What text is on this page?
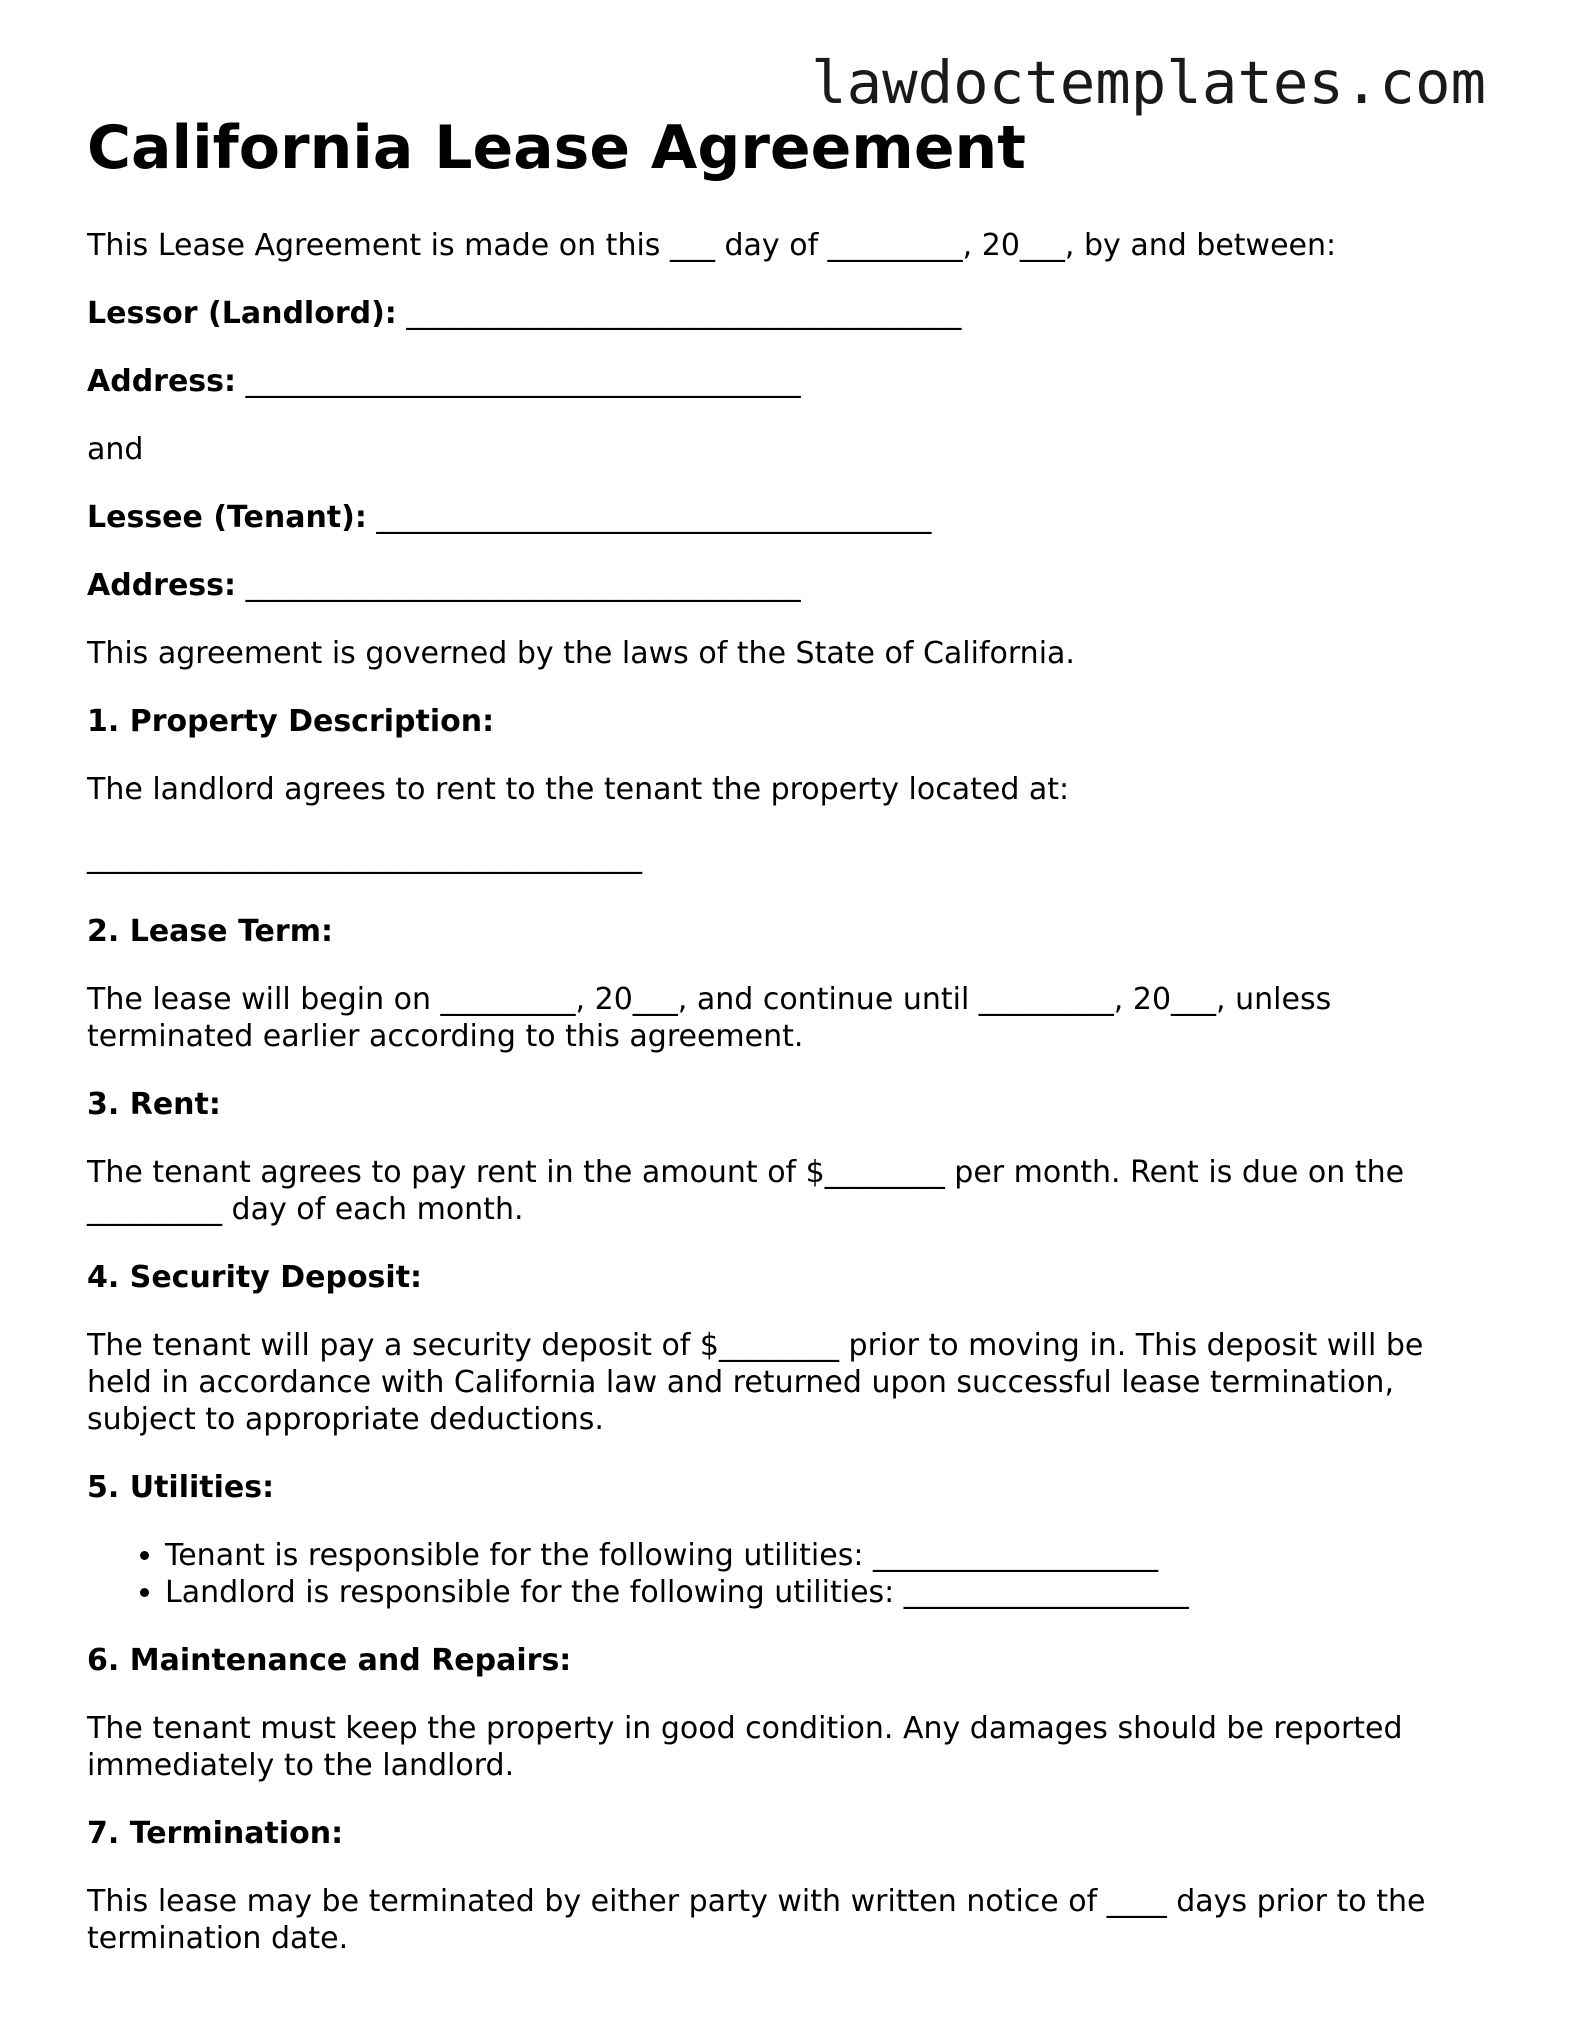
lawdoctemplates.com
California Lease Agreement

This Lease Agreement is made on this ___ day of _________, 20___, by and between:

Lessor (Landlord): _____________________________________

Address: _____________________________________

and

Lessee (Tenant): _____________________________________

Address: _____________________________________

This agreement is governed by the laws of the State of California.

1. Property Description:

The landlord agrees to rent to the tenant the property located at:

_____________________________________

2. Lease Term:

The lease will begin on _________, 20___, and continue until _________, 20___, unless terminated earlier according to this agreement.

3. Rent:

The tenant agrees to pay rent in the amount of $________ per month. Rent is due on the _________ day of each month.

4. Security Deposit:

The tenant will pay a security deposit of $________ prior to moving in. This deposit will be held in accordance with California law and returned upon successful lease termination, subject to appropriate deductions.

5. Utilities:

• Tenant is responsible for the following utilities: ___________________
• Landlord is responsible for the following utilities: ___________________

6. Maintenance and Repairs:

The tenant must keep the property in good condition. Any damages should be reported immediately to the landlord.

7. Termination:

This lease may be terminated by either party with written notice of ____ days prior to the termination date.
